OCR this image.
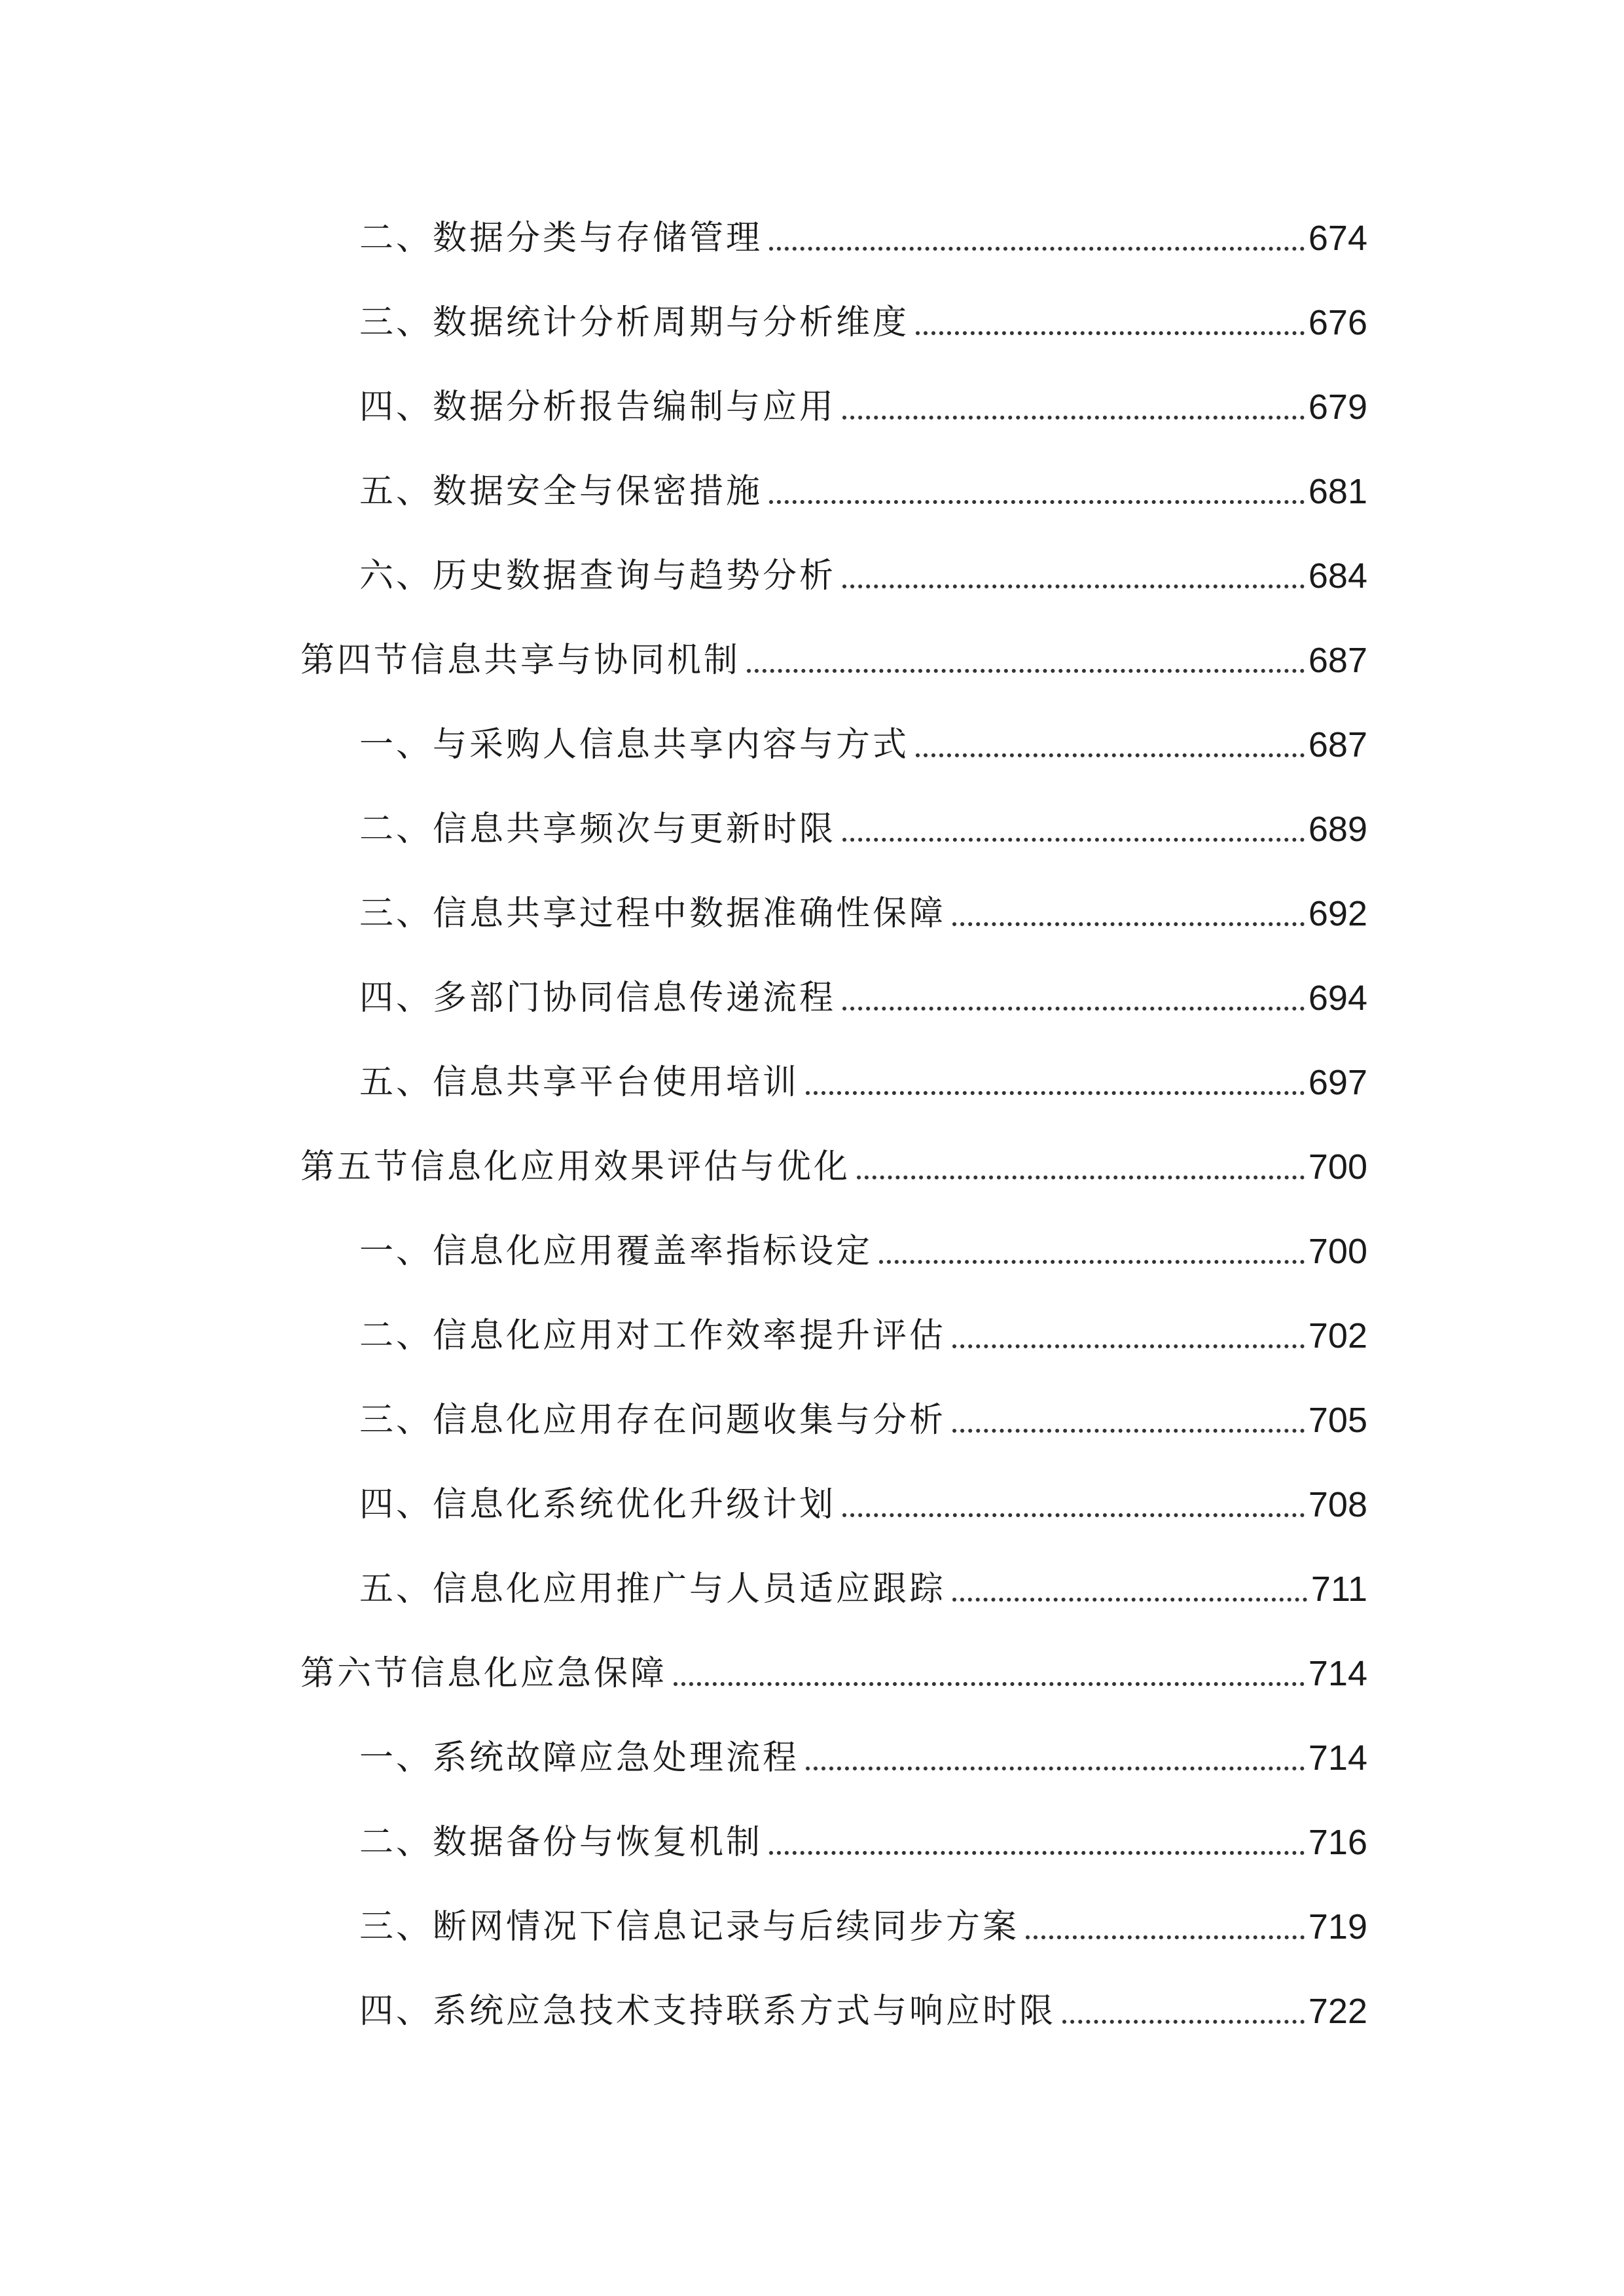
二、数据分类与存储管理	674
三、数据统计分析周期与分析维度	676
四、数据分析报告编制与应用	679
五、数据安全与保密措施	681
六、历史数据查询与趋势分析	684
第四节信息共享与协同机制	687
一、与采购人信息共享内容与方式	687
二、信息共享频次与更新时限	689
三、信息共享过程中数据准确性保障	692
四、多部门协同信息传递流程	694
五、信息共享平台使用培训	697
第五节信息化应用效果评估与优化	700
一、信息化应用覆盖率指标设定	700
二、信息化应用对工作效率提升评估	702
三、信息化应用存在问题收集与分析	705
四、信息化系统优化升级计划	708
五、信息化应用推广与人员适应跟踪	711
第六节信息化应急保障	714
一、系统故障应急处理流程	714
二、数据备份与恢复机制	716
三、断网情况下信息记录与后续同步方案	719
四、系统应急技术支持联系方式与响应时限	722
